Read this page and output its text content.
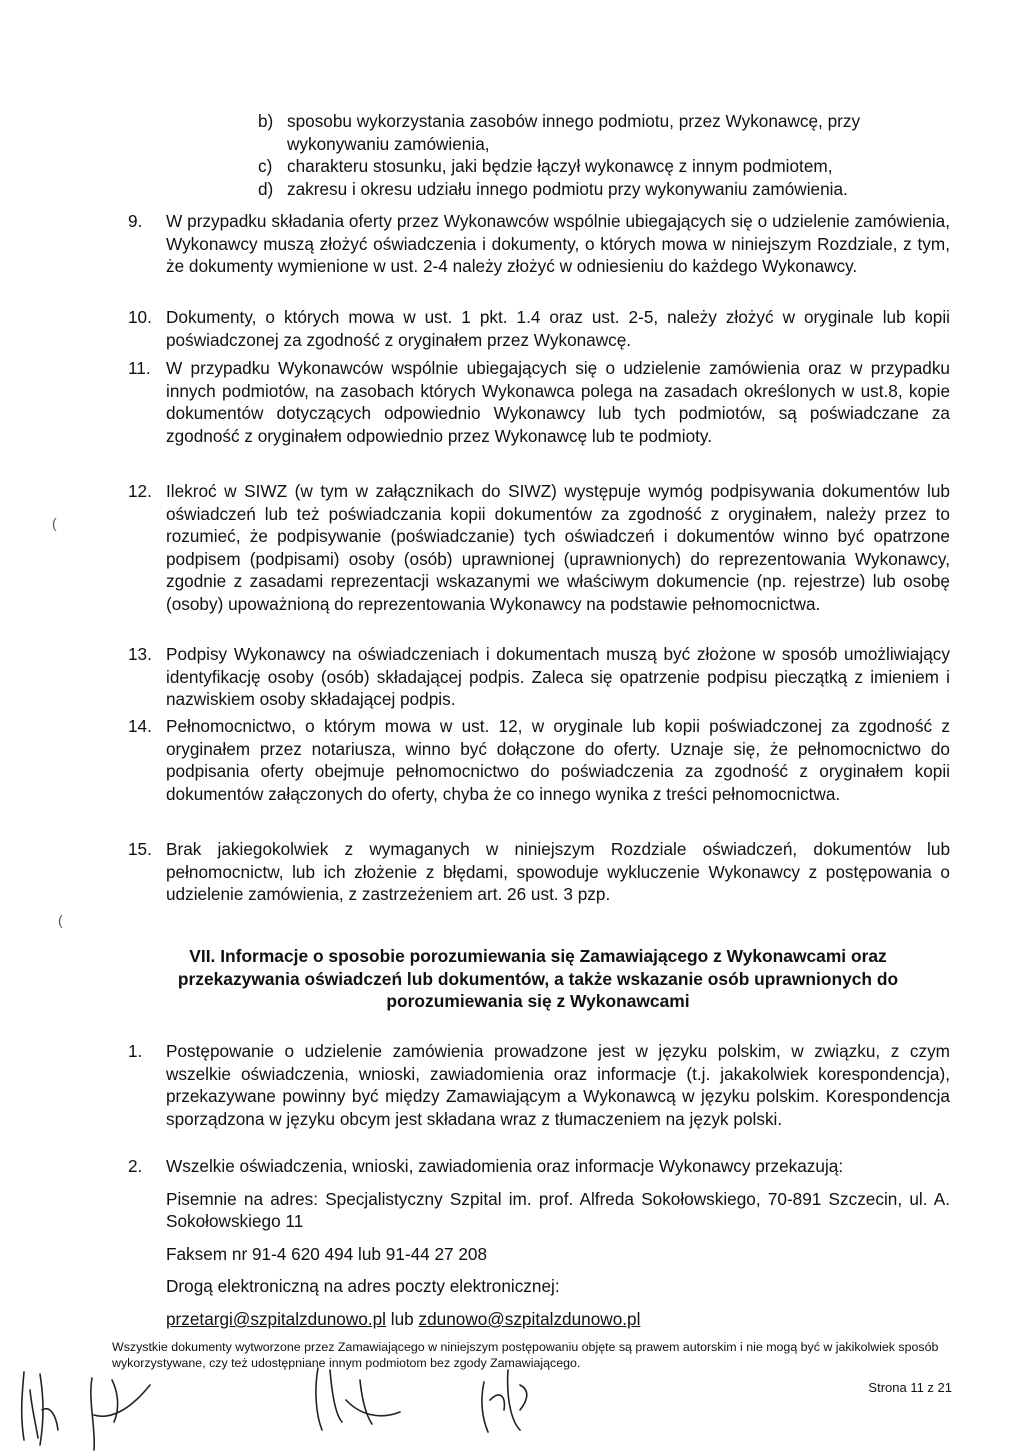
b) sposobu wykorzystania zasobów innego podmiotu, przez Wykonawcę, przy wykonywaniu zamówienia,
c) charakteru stosunku, jaki będzie łączył wykonawcę z innym podmiotem,
d) zakresu i okresu udziału innego podmiotu przy wykonywaniu zamówienia.
9. W przypadku składania oferty przez Wykonawców wspólnie ubiegających się o udzielenie zamówienia, Wykonawcy muszą złożyć oświadczenia i dokumenty, o których mowa w niniejszym Rozdziale, z tym, że dokumenty wymienione w ust. 2-4 należy złożyć w odniesieniu do każdego Wykonawcy.
10. Dokumenty, o których mowa w ust. 1 pkt. 1.4 oraz ust. 2-5, należy złożyć w oryginale lub kopii poświadczonej za zgodność z oryginałem przez Wykonawcę.
11. W przypadku Wykonawców wspólnie ubiegających się o udzielenie zamówienia oraz w przypadku innych podmiotów, na zasobach których Wykonawca polega na zasadach określonych w ust.8, kopie dokumentów dotyczących odpowiednio Wykonawcy lub tych podmiotów, są poświadczane za zgodność z oryginałem odpowiednio przez Wykonawcę lub te podmioty.
12. Ilekroć w SIWZ (w tym w załącznikach do SIWZ) występuje wymóg podpisywania dokumentów lub oświadczeń lub też poświadczania kopii dokumentów za zgodność z oryginałem, należy przez to rozumieć, że podpisywanie (poświadczanie) tych oświadczeń i dokumentów winno być opatrzone podpisem (podpisami) osoby (osób) uprawnionej (uprawnionych) do reprezentowania Wykonawcy, zgodnie z zasadami reprezentacji wskazanymi we właściwym dokumencie (np. rejestrze) lub osobę (osoby) upoważnioną do reprezentowania Wykonawcy na podstawie pełnomocnictwa.
13. Podpisy Wykonawcy na oświadczeniach i dokumentach muszą być złożone w sposób umożliwiający identyfikację osoby (osób) składającej podpis. Zaleca się opatrzenie podpisu pieczątką z imieniem i nazwiskiem osoby składającej podpis.
14. Pełnomocnictwo, o którym mowa w ust. 12, w oryginale lub kopii poświadczonej za zgodność z oryginałem przez notariusza, winno być dołączone do oferty. Uznaje się, że pełnomocnictwo do podpisania oferty obejmuje pełnomocnictwo do poświadczenia za zgodność z oryginałem kopii dokumentów załączonych do oferty, chyba że co innego wynika z treści pełnomocnictwa.
15. Brak jakiegokolwiek z wymaganych w niniejszym Rozdziale oświadczeń, dokumentów lub pełnomocnictw, lub ich złożenie z błędami, spowoduje wykluczenie Wykonawcy z postępowania o udzielenie zamówienia, z zastrzeżeniem art. 26 ust. 3 pzp.
(
(
VII. Informacje o sposobie porozumiewania się Zamawiającego z Wykonawcami oraz przekazywania oświadczeń lub dokumentów, a także wskazanie osób uprawnionych do porozumiewania się z Wykonawcami
1. Postępowanie o udzielenie zamówienia prowadzone jest w języku polskim, w związku, z czym wszelkie oświadczenia, wnioski, zawiadomienia oraz informacje (t.j. jakakolwiek korespondencja), przekazywane powinny być między Zamawiającym a Wykonawcą w języku polskim. Korespondencja sporządzona w języku obcym jest składana wraz z tłumaczeniem na język polski.
2. Wszelkie oświadczenia, wnioski, zawiadomienia oraz informacje Wykonawcy przekazują:

Pisemnie na adres: Specjalistyczny Szpital im. prof. Alfreda Sokołowskiego, 70-891 Szczecin, ul. A. Sokołowskiego 11

Faksem nr 91-4 620 494 lub 91-44 27 208

Drogą elektroniczną na adres poczty elektronicznej:

przetargi@szpitalzdunowo.pl lub zdunowo@szpitalzdunowo.pl

Wszystkie dokumenty wytworzone przez Zamawiającego w niniejszym postępowaniu objęte są prawem autorskim i nie mogą być w jakikolwiek sposób wykorzystywane, czy też udostępniane innym podmiotom bez zgody Zamawiającego.
Strona 11 z 21
